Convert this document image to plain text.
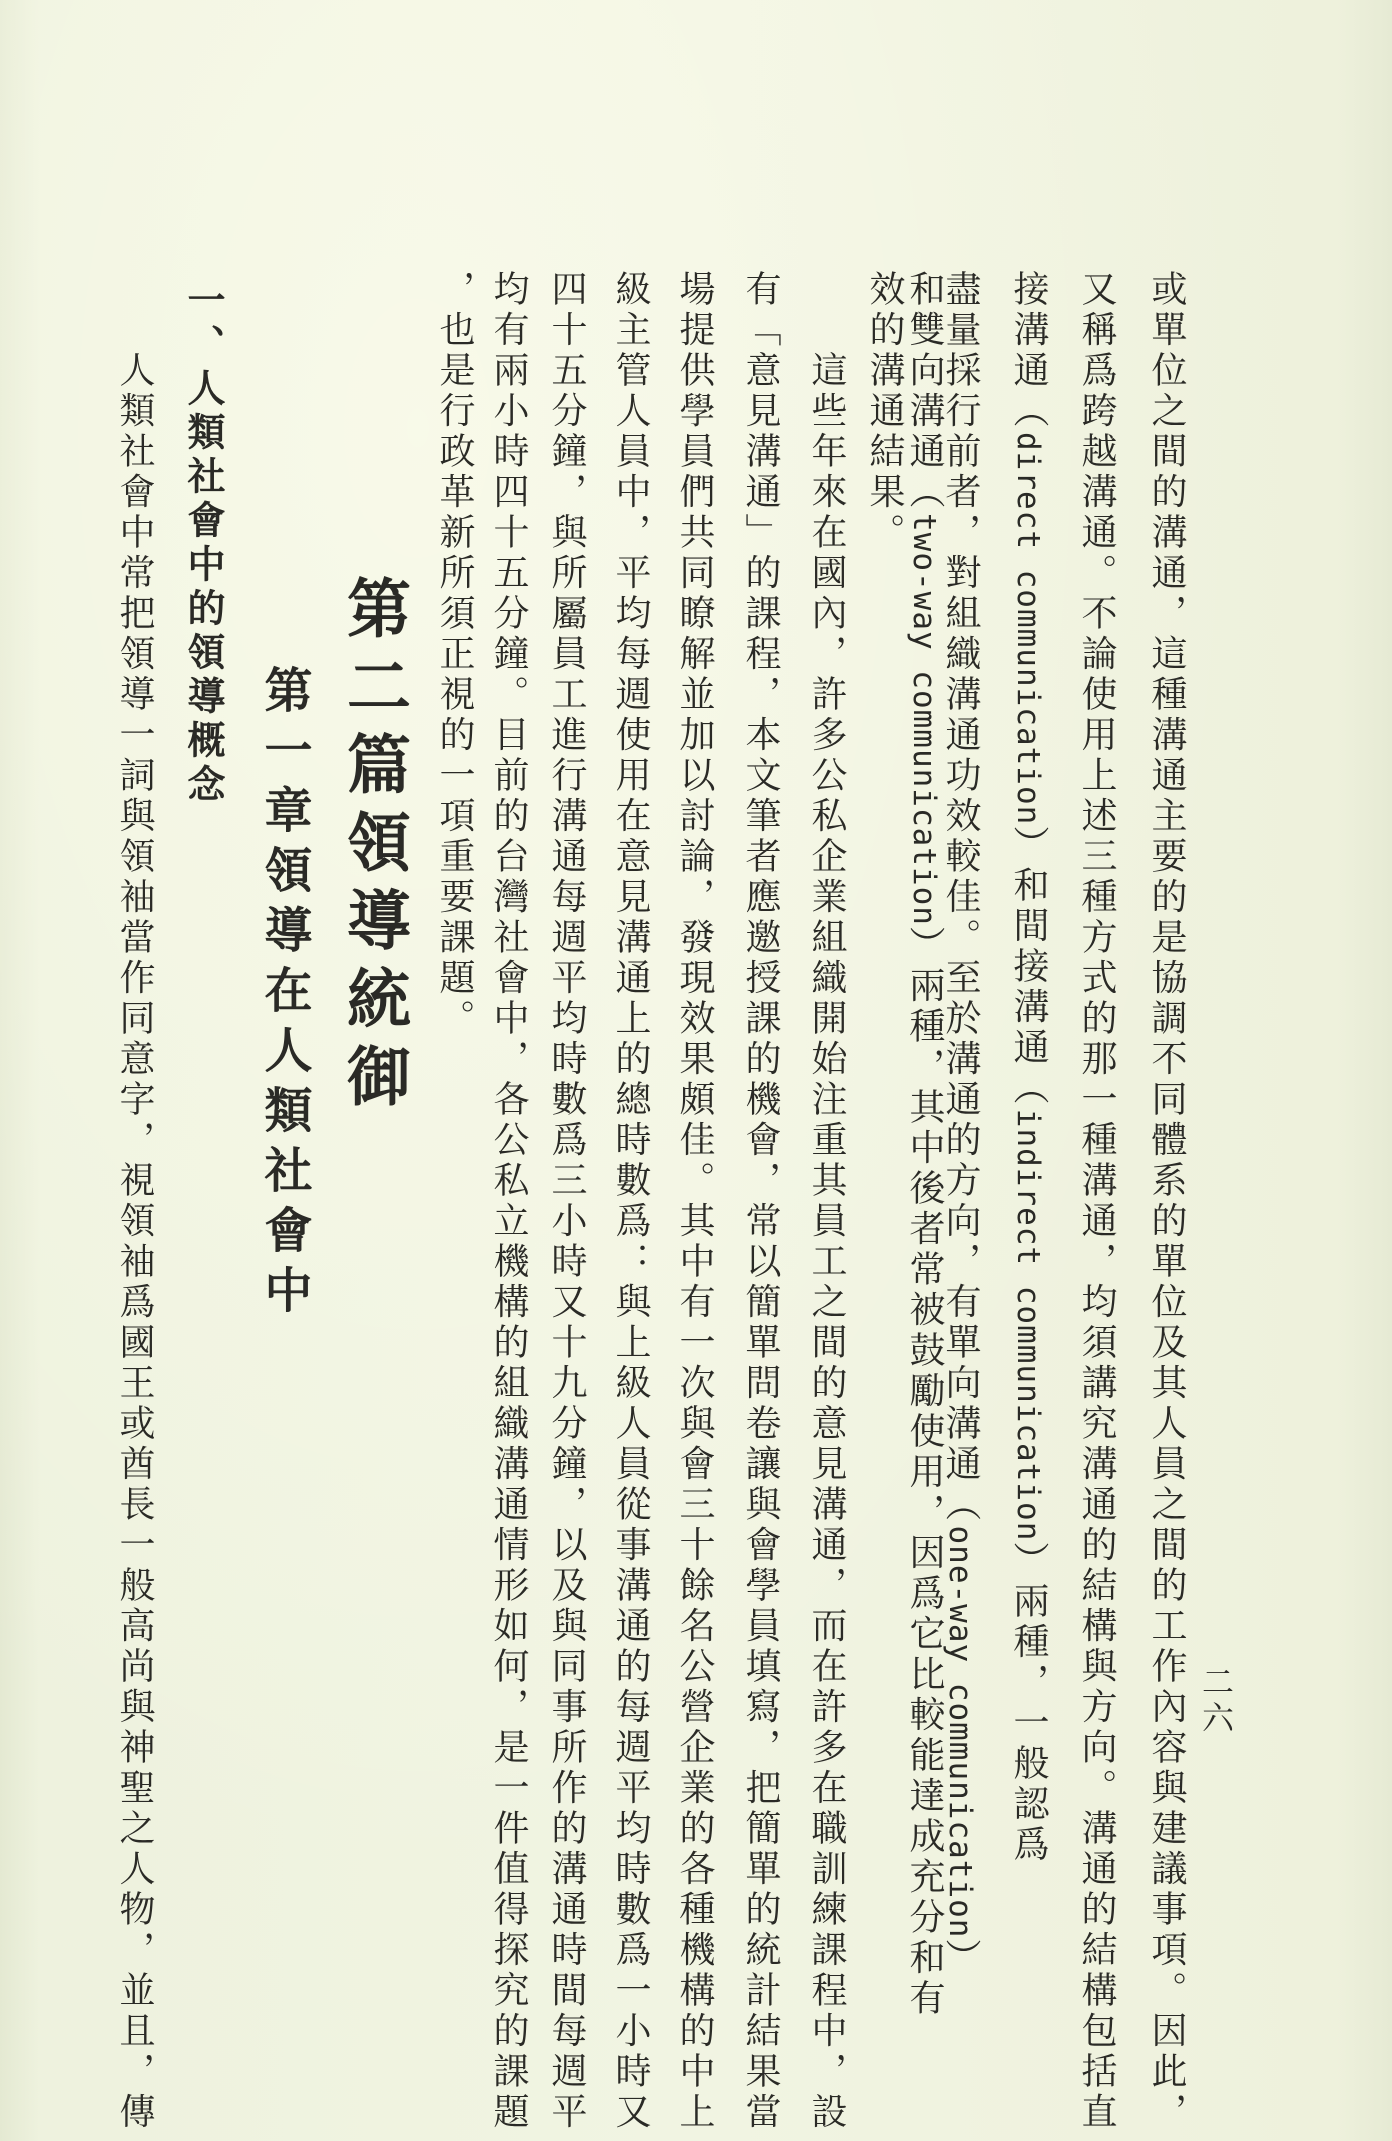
二六
或單位之間的溝通，這種溝通主要的是協調不同體系的單位及其人員之間的工作內容與建議事項。因此，
又稱爲跨越溝通。不論使用上述三種方式的那一種溝通，均須講究溝通的結構與方向。溝通的結構包括直
接溝通（direct communication）和間接溝通（indirect communication）兩種，一般認爲
盡量採行前者，對組織溝通功效較佳。至於溝通的方向，有單向溝通（one-way communication）
和雙向溝通（two-way communication）兩種，其中後者常被鼓勵使用，因爲它比較能達成充分和有
效的溝通結果。
　　這些年來在國內，許多公私企業組織開始注重其員工之間的意見溝通，而在許多在職訓練課程中，設
有「意見溝通」的課程，本文筆者應邀授課的機會，常以簡單問卷讓與會學員填寫，把簡單的統計結果當
場提供學員們共同瞭解並加以討論，發現效果頗佳。其中有一次與會三十餘名公營企業的各種機構的中上
級主管人員中，平均每週使用在意見溝通上的總時數爲：與上級人員從事溝通的每週平均時數爲一小時又
四十五分鐘，與所屬員工進行溝通每週平均時數爲三小時又十九分鐘，以及與同事所作的溝通時間每週平
均有兩小時四十五分鐘。目前的台灣社會中，各公私立機構的組織溝通情形如何，是一件值得探究的課題
，也是行政革新所須正視的一項重要課題。
第二篇領導統御
第一章領導在人類社會中
一、人類社會中的領導概念
　　人類社會中常把領導一詞與領袖當作同意字，視領袖爲國王或酋長一般高尚與神聖之人物，並且，傳
